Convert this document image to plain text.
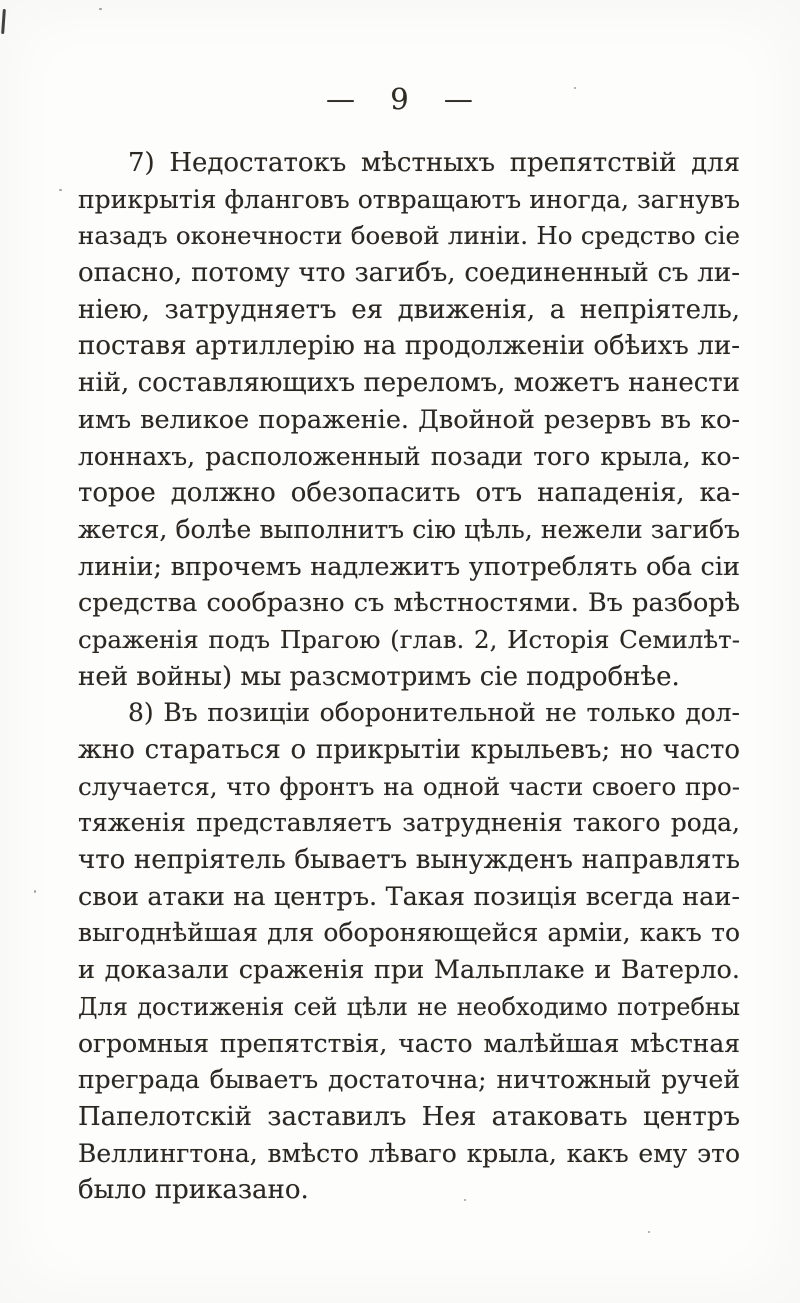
— 9 —
7) Недостатокъ мѣстныхъ препятствій для
прикрытія фланговъ отвращаютъ иногда, загнувъ
назадъ оконечности боевой линіи. Но средство сіе
опасно, потому что загибъ, соединенный съ ли-
ніею, затрудняетъ ея движенія, а непріятель,
поставя артиллерію на продолженіи обѣихъ ли-
ній, составляющихъ переломъ, можетъ нанести
имъ великое пораженіе. Двойной резервъ въ ко-
лоннахъ, расположенный позади того крыла, ко-
торое должно обезопасить отъ нападенія, ка-
жется, болѣе выполнитъ сію цѣль, нежели загибъ
линіи; впрочемъ надлежитъ употреблять оба сіи
средства сообразно съ мѣстностями. Въ разборѣ
сраженія подъ Прагою (глав. 2, Исторія Семилѣт-
ней войны) мы разсмотримъ сіе подробнѣе.
8) Въ позиціи оборонительной не только дол-
жно стараться о прикрытіи крыльевъ; но часто
случается, что фронтъ на одной части своего про-
тяженія представляетъ затрудненія такого рода,
что непріятель бываетъ вынужденъ направлять
свои атаки на центръ. Такая позиція всегда наи-
выгоднѣйшая для обороняющейся арміи, какъ то
и доказали сраженія при Мальплаке и Ватерло.
Для достиженія сей цѣли не необходимо потребны
огромныя препятствія, часто малѣйшая мѣстная
преграда бываетъ достаточна; ничтожный ручей
Папелотскій заставилъ Нея атаковать центръ
Веллингтона, вмѣсто лѣваго крыла, какъ ему это
было приказано.
